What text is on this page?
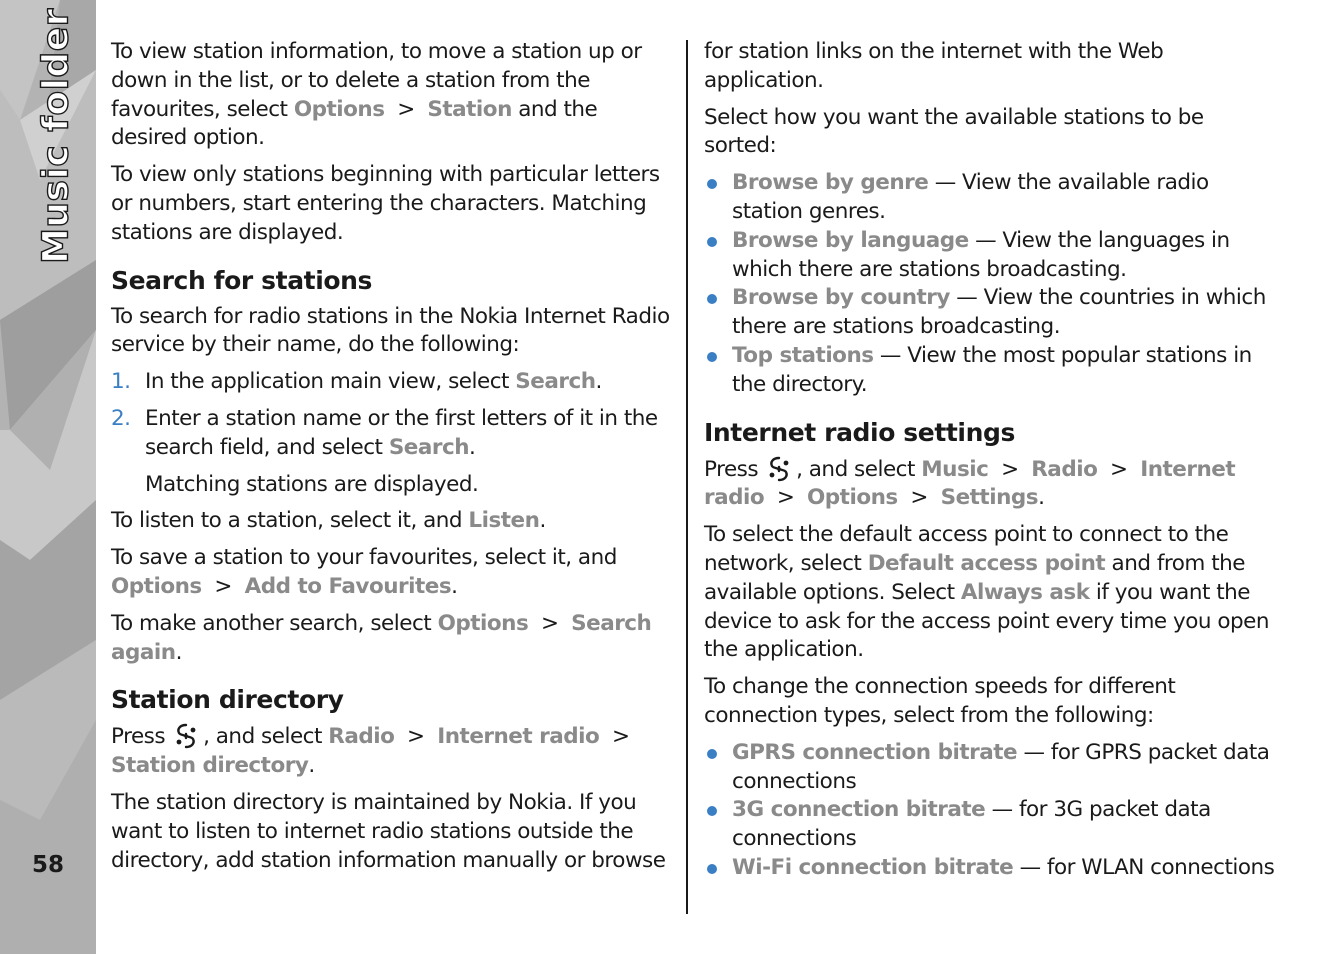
Music folder
58

To view station information, to move a station up or down in the list, or to delete a station from the favourites, select Options > Station and the desired option.

To view only stations beginning with particular letters or numbers, start entering the characters. Matching stations are displayed.

Search for stations

To search for radio stations in the Nokia Internet Radio service by their name, do the following:

1. In the application main view, select Search.
2. Enter a station name or the first letters of it in the search field, and select Search.
Matching stations are displayed.

To listen to a station, select it, and Listen.

To save a station to your favourites, select it, and Options > Add to Favourites.

To make another search, select Options > Search again.

Station directory

Press , and select Radio > Internet radio > Station directory.

The station directory is maintained by Nokia. If you want to listen to internet radio stations outside the directory, add station information manually or browse

for station links on the internet with the Web application.

Select how you want the available stations to be sorted:

Browse by genre — View the available radio station genres.
Browse by language — View the languages in which there are stations broadcasting.
Browse by country — View the countries in which there are stations broadcasting.
Top stations — View the most popular stations in the directory.
Internet radio settings

Press , and select Music > Radio > Internet radio > Options > Settings.

To select the default access point to connect to the network, select Default access point and from the available options. Select Always ask if you want the device to ask for the access point every time you open the application.

To change the connection speeds for different connection types, select from the following:

GPRS connection bitrate — for GPRS packet data connections
3G connection bitrate — for 3G packet data connections
Wi-Fi connection bitrate — for WLAN connections
